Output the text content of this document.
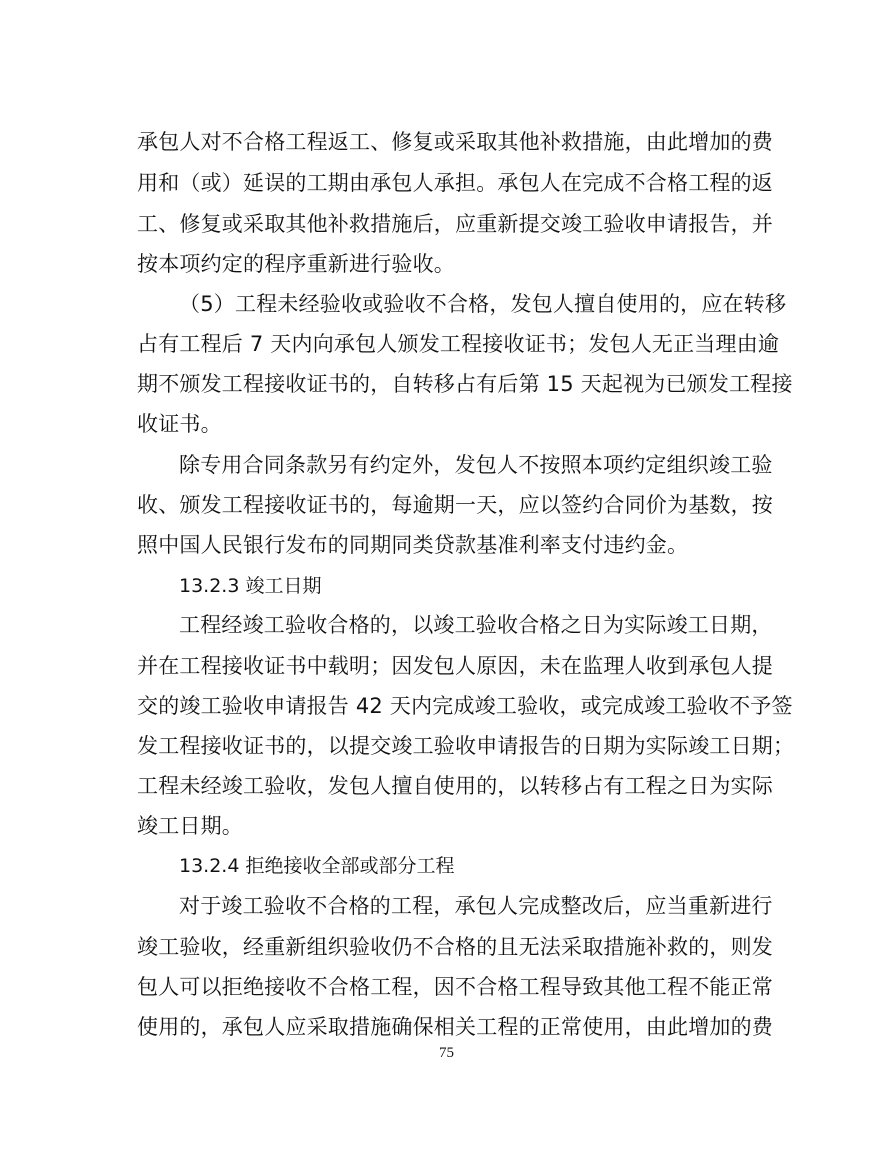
承包人对不合格工程返工、修复或采取其他补救措施，由此增加的费
用和（或）延误的工期由承包人承担。承包人在完成不合格工程的返
工、修复或采取其他补救措施后，应重新提交竣工验收申请报告，并
按本项约定的程序重新进行验收。
（5）工程未经验收或验收不合格，发包人擅自使用的，应在转移
占有工程后 7 天内向承包人颁发工程接收证书；发包人无正当理由逾
期不颁发工程接收证书的，自转移占有后第 15 天起视为已颁发工程接
收证书。
除专用合同条款另有约定外，发包人不按照本项约定组织竣工验
收、颁发工程接收证书的，每逾期一天，应以签约合同价为基数，按
照中国人民银行发布的同期同类贷款基准利率支付违约金。
13.2.3 竣工日期
工程经竣工验收合格的，以竣工验收合格之日为实际竣工日期，
并在工程接收证书中载明；因发包人原因，未在监理人收到承包人提
交的竣工验收申请报告 42 天内完成竣工验收，或完成竣工验收不予签
发工程接收证书的，以提交竣工验收申请报告的日期为实际竣工日期；
工程未经竣工验收，发包人擅自使用的，以转移占有工程之日为实际
竣工日期。
13.2.4 拒绝接收全部或部分工程
对于竣工验收不合格的工程，承包人完成整改后，应当重新进行
竣工验收，经重新组织验收仍不合格的且无法采取措施补救的，则发
包人可以拒绝接收不合格工程，因不合格工程导致其他工程不能正常
使用的，承包人应采取措施确保相关工程的正常使用，由此增加的费
75
